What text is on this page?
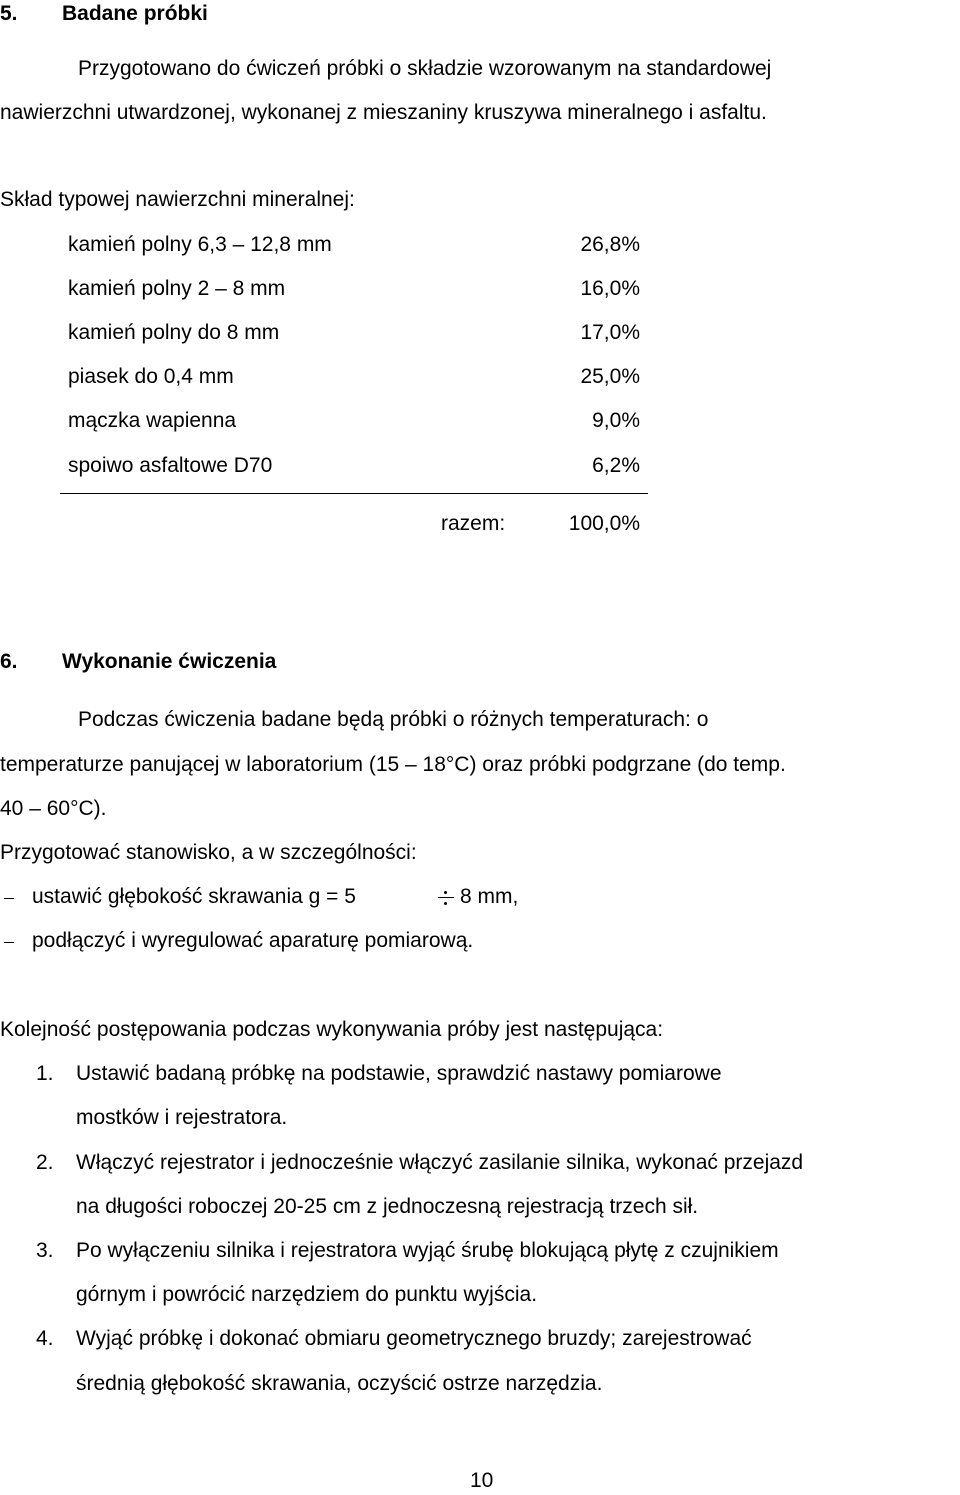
5. Badane próbki
Przygotowano do ćwiczeń próbki o składzie wzorowanym na standardowej
nawierzchni utwardzonej, wykonanej z mieszaniny kruszywa mineralnego i asfaltu.
Skład typowej nawierzchni mineralnej:
kamień polny 6,3 – 12,8 mm	26,8%
kamień polny 2 – 8 mm	16,0%
kamień polny do 8 mm	17,0%
piasek do 0,4 mm	25,0%
mączka wapienna	9,0%
spoiwo asfaltowe D70	6,2%
razem:	100,0%
6. Wykonanie ćwiczenia
Podczas ćwiczenia badane będą próbki o różnych temperaturach: o
temperaturze panującej w laboratorium (15 – 18°C) oraz próbki podgrzane (do temp.
40 – 60°C).
Przygotować stanowisko, a w szczególności:
ustawić głębokość skrawania g = 5	8 mm,
podłączyć i wyregulować aparaturę pomiarową.
Kolejność postępowania podczas wykonywania próby jest następująca:
1. Ustawić badaną próbkę na podstawie, sprawdzić nastawy pomiarowe
mostków i rejestratora.
2. Włączyć rejestrator i jednocześnie włączyć zasilanie silnika, wykonać przejazd
na długości roboczej 20-25 cm z jednoczesną rejestracją trzech sił.
3. Po wyłączeniu silnika i rejestratora wyjąć śrubę blokującą płytę z czujnikiem
górnym i powrócić narzędziem do punktu wyjścia.
4. Wyjąć próbkę i dokonać obmiaru geometrycznego bruzdy; zarejestrować
średnią głębokość skrawania, oczyścić ostrze narzędzia.
10
